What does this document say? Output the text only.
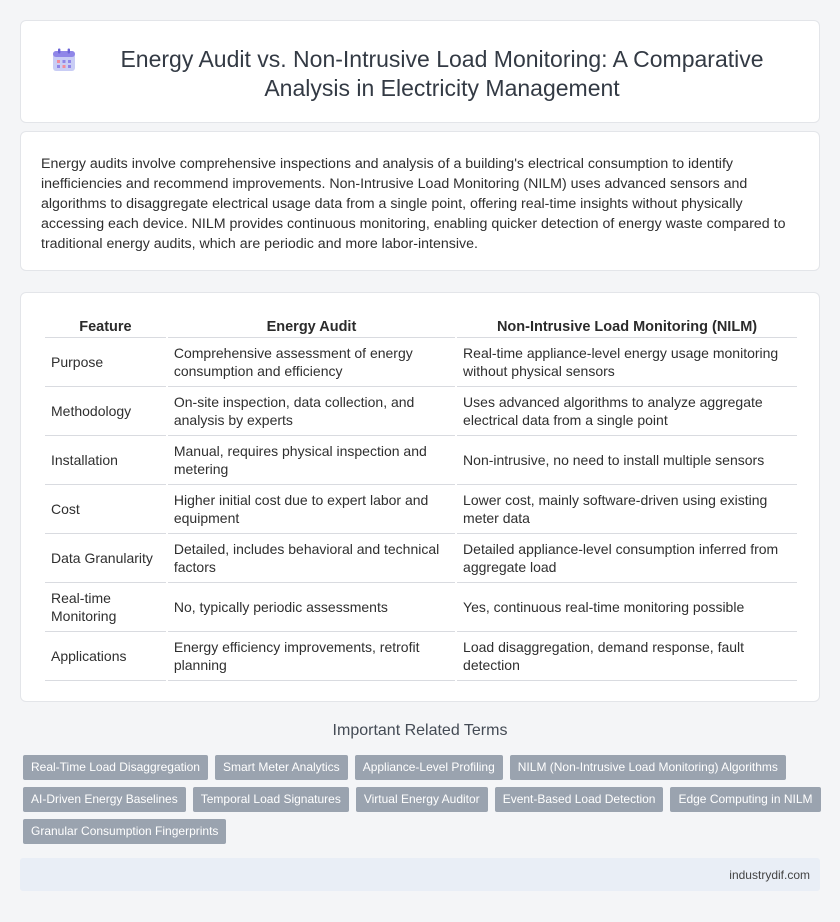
Energy Audit vs. Non-Intrusive Load Monitoring: A Comparative Analysis in Electricity Management

Energy audits involve comprehensive inspections and analysis of a building's electrical consumption to identify inefficiencies and recommend improvements. Non-Intrusive Load Monitoring (NILM) uses advanced sensors and algorithms to disaggregate electrical usage data from a single point, offering real-time insights without physically accessing each device. NILM provides continuous monitoring, enabling quicker detection of energy waste compared to traditional energy audits, which are periodic and more labor-intensive.

Feature	Energy Audit	Non-Intrusive Load Monitoring (NILM)
Purpose	Comprehensive assessment of energy consumption and efficiency	Real-time appliance-level energy usage monitoring without physical sensors
Methodology	On-site inspection, data collection, and analysis by experts	Uses advanced algorithms to analyze aggregate electrical data from a single point
Installation	Manual, requires physical inspection and metering	Non-intrusive, no need to install multiple sensors
Cost	Higher initial cost due to expert labor and equipment	Lower cost, mainly software-driven using existing meter data
Data Granularity	Detailed, includes behavioral and technical factors	Detailed appliance-level consumption inferred from aggregate load
Real-time Monitoring	No, typically periodic assessments	Yes, continuous real-time monitoring possible
Applications	Energy efficiency improvements, retrofit planning	Load disaggregation, demand response, fault detection
Important Related Terms
Real-Time Load Disaggregation	Smart Meter Analytics	Appliance-Level Profiling	NILM (Non-Intrusive Load Monitoring) Algorithms
AI-Driven Energy Baselines	Temporal Load Signatures	Virtual Energy Auditor	Event-Based Load Detection	Edge Computing in NILM
Granular Consumption Fingerprints
industrydif.com
